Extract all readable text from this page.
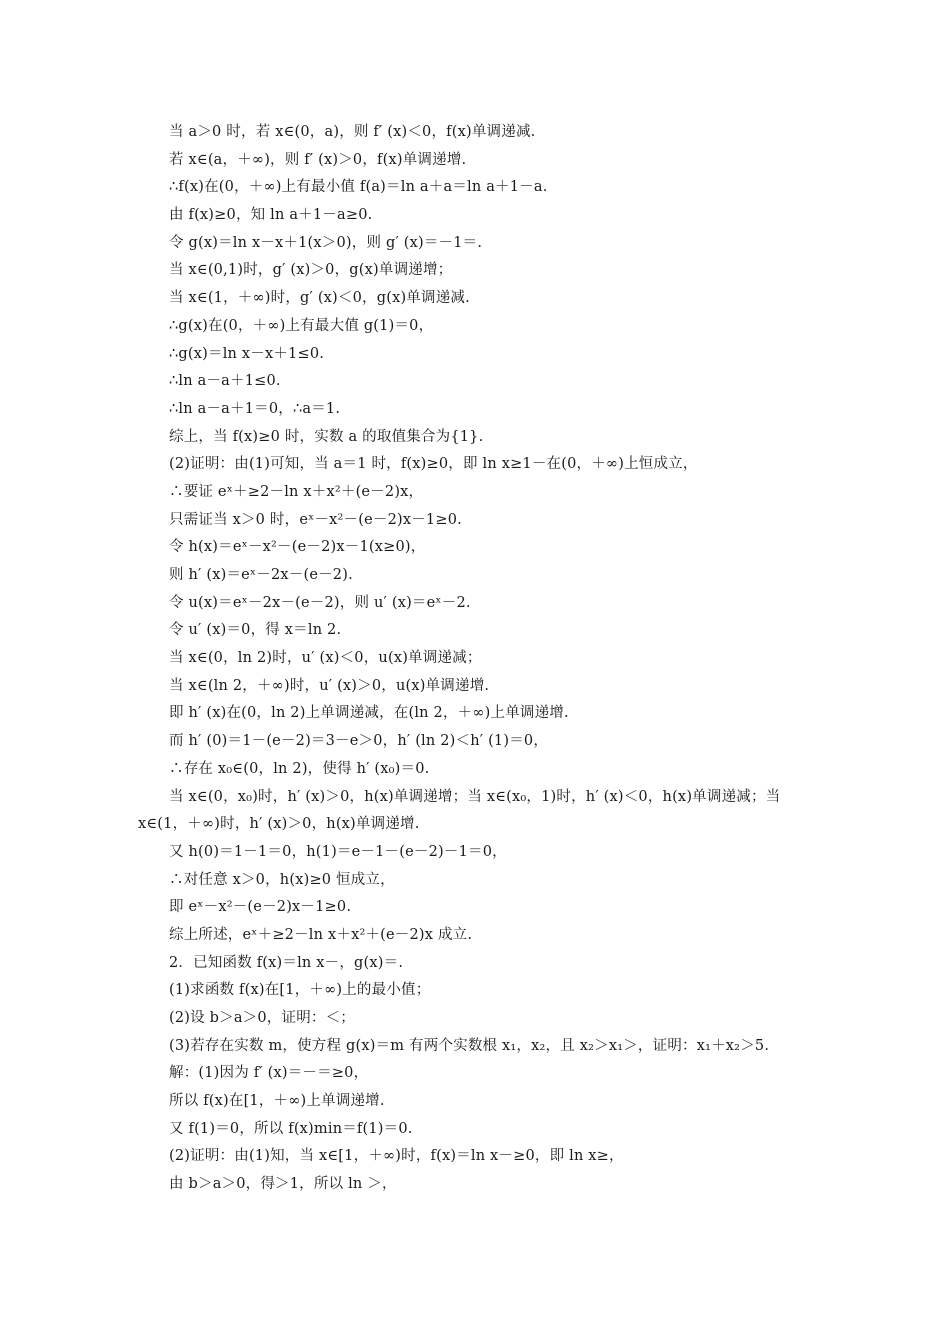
当 a＞0 时，若 x∈(0，a)，则 f′ (x)＜0，f(x)单调递减.
若 x∈(a，＋∞)，则 f′ (x)＞0，f(x)单调递增.
∴f(x)在(0，＋∞)上有最小值 f(a)＝ln a＋a＝ln a＋1－a.
由 f(x)≥0，知 ln a＋1－a≥0.
令 g(x)＝ln x－x＋1(x＞0)，则 g′ (x)＝－1＝.
当 x∈(0,1)时，g′ (x)＞0，g(x)单调递增；
当 x∈(1，＋∞)时，g′ (x)＜0，g(x)单调递减.
∴g(x)在(0，＋∞)上有最大值 g(1)＝0，
∴g(x)＝ln x－x＋1≤0.
∴ln a－a＋1≤0.
∴ln a－a＋1＝0，∴a＝1.
综上，当 f(x)≥0 时，实数 a 的取值集合为{1}.
(2)证明：由(1)可知，当 a＝1 时，f(x)≥0，即 ln x≥1－在(0，＋∞)上恒成立，
∴要证 eˣ＋≥2－ln x＋x²＋(e－2)x，
只需证当 x＞0 时，eˣ－x²－(e－2)x－1≥0.
令 h(x)＝eˣ－x²－(e－2)x－1(x≥0)，
则 h′ (x)＝eˣ－2x－(e－2).
令 u(x)＝eˣ－2x－(e－2)，则 u′ (x)＝eˣ－2.
令 u′ (x)＝0，得 x＝ln 2.
当 x∈(0，ln 2)时，u′ (x)＜0，u(x)单调递减；
当 x∈(ln 2，＋∞)时，u′ (x)＞0，u(x)单调递增.
即 h′ (x)在(0，ln 2)上单调递减，在(ln 2，＋∞)上单调递增.
而 h′ (0)＝1－(e－2)＝3－e＞0，h′ (ln 2)＜h′ (1)＝0，
∴存在 x₀∈(0，ln 2)，使得 h′ (x₀)＝0.
当 x∈(0，x₀)时，h′ (x)＞0，h(x)单调递增；当 x∈(x₀，1)时，h′ (x)＜0，h(x)单调递减；当
x∈(1，＋∞)时，h′ (x)＞0，h(x)单调递增.
又 h(0)＝1－1＝0，h(1)＝e－1－(e－2)－1＝0，
∴对任意 x＞0，h(x)≥0 恒成立，
即 eˣ－x²－(e－2)x－1≥0.
综上所述，eˣ＋≥2－ln x＋x²＋(e－2)x 成立.
2．已知函数 f(x)＝ln x－，g(x)＝.
(1)求函数 f(x)在[1，＋∞)上的最小值；
(2)设 b＞a＞0，证明：＜；
(3)若存在实数 m，使方程 g(x)＝m 有两个实数根 x₁，x₂，且 x₂＞x₁＞，证明：x₁＋x₂＞5.
解：(1)因为 f′ (x)＝－＝≥0，
所以 f(x)在[1，＋∞)上单调递增.
又 f(1)＝0，所以 f(x)min＝f(1)＝0.
(2)证明：由(1)知，当 x∈[1，＋∞)时，f(x)＝ln x－≥0，即 ln x≥，
由 b＞a＞0，得＞1，所以 ln ＞，
